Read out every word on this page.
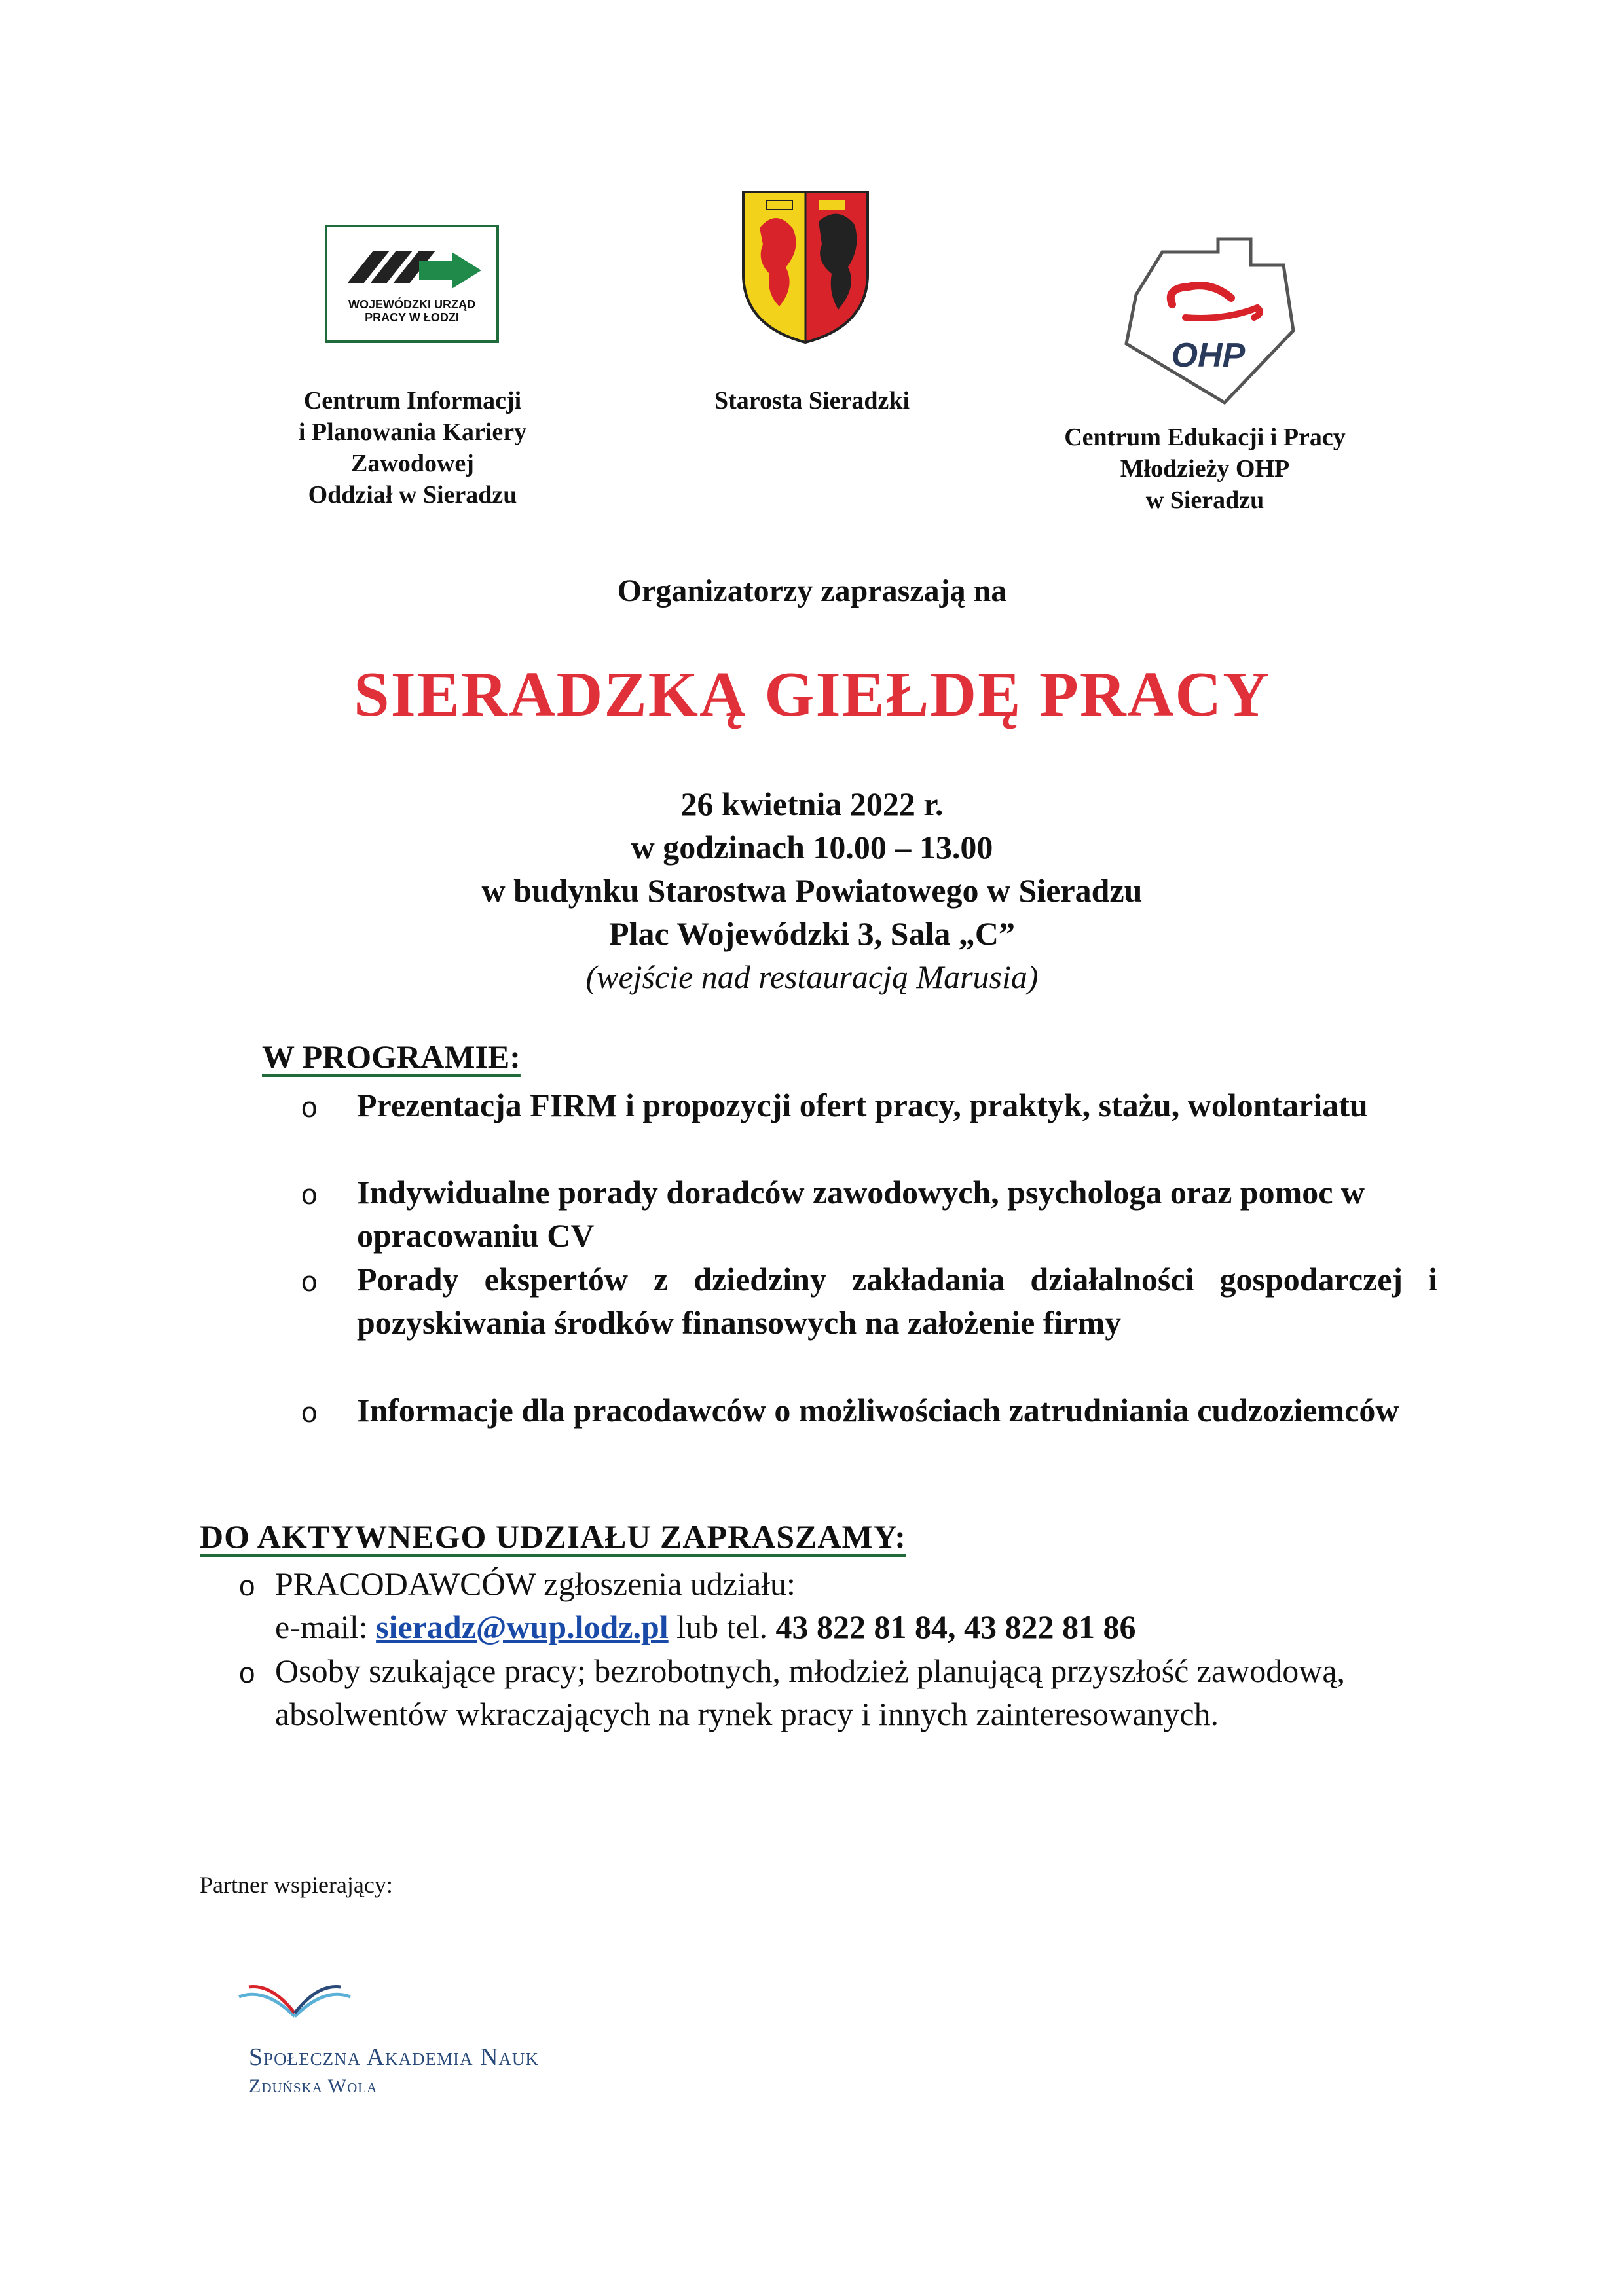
WOJEWÓDZKI URZĄD PRACY W ŁODZI
OHP
Centrum Informacji
i Planowania Kariery
Zawodowej
Oddział w Sieradzu
Starosta Sieradzki
Centrum Edukacji i Pracy
Młodzieży OHP
w Sieradzu
Organizatorzy zapraszają na
SIERADZKĄ GIEŁDĘ PRACY
26 kwietnia 2022 r.
w godzinach 10.00 – 13.00
w budynku Starostwa Powiatowego w Sieradzu
Plac Wojewódzki 3, Sala „C”
(wejście nad restauracją Marusia)
W PROGRAMIE:
o Prezentacja FIRM i propozycji ofert pracy, praktyk, stażu, wolontariatu
o Indywidualne porady doradców zawodowych, psychologa oraz pomoc w opracowaniu CV
o Porady ekspertów z dziedziny zakładania działalności gospodarczej i pozyskiwania środków finansowych na założenie firmy
o Informacje dla pracodawców o możliwościach zatrudniania cudzoziemców
DO AKTYWNEGO UDZIAŁU ZAPRASZAMY:
o PRACODAWCÓW zgłoszenia udziału:
e-mail: sieradz@wup.lodz.pl lub tel. 43 822 81 84, 43 822 81 86
o Osoby szukające pracy; bezrobotnych, młodzież planującą przyszłość zawodową, absolwentów wkraczających na rynek pracy i innych zainteresowanych.
Partner wspierający:
Społeczna Akademia Nauk
Zduńska Wola
